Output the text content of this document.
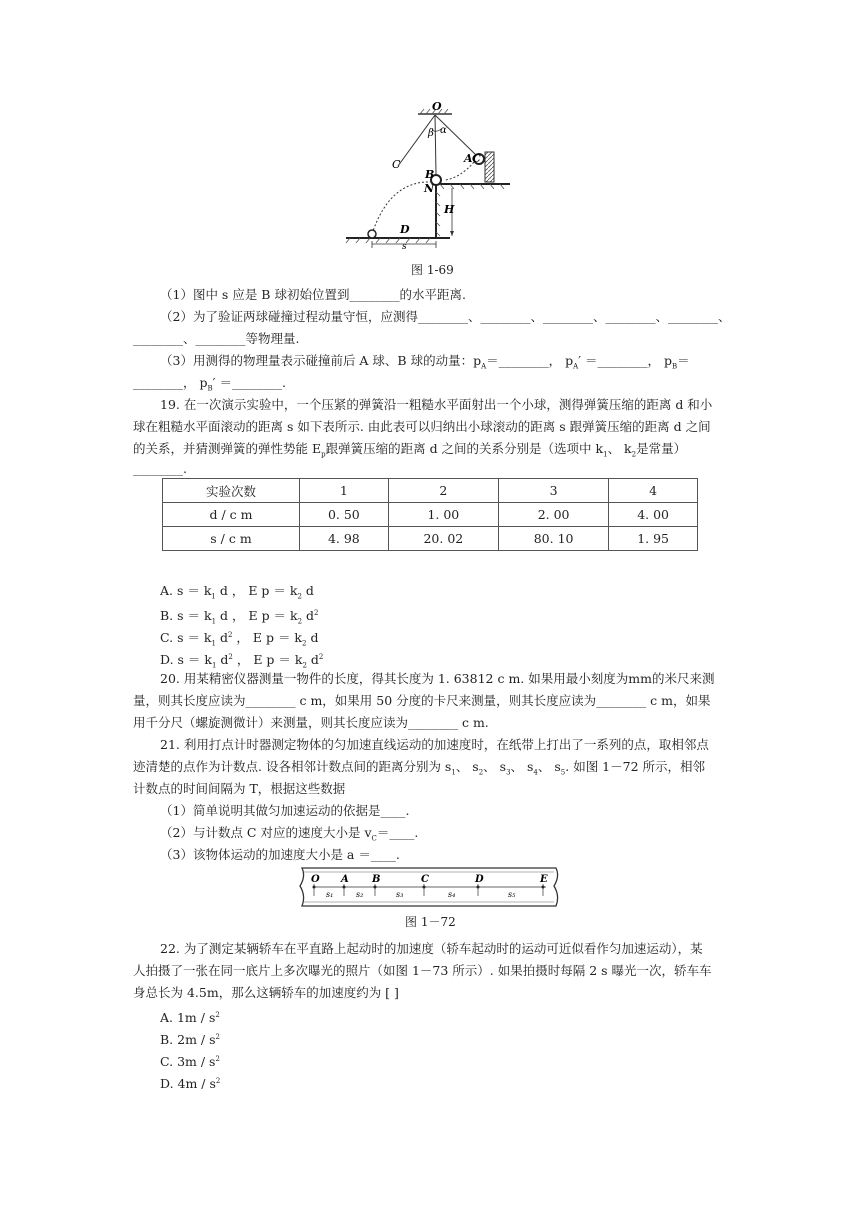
O
α
β
C	A C
B
N
H
D
s
图 1-69
（1）图中 s 应是 B 球初始位置到________的水平距离.
（2）为了验证两球碰撞过程动量守恒，应测得________、________、________、________、________、
________、________等物理量.
（3）用测得的物理量表示碰撞前后 A 球、B 球的动量：$p_A=\_\_\_\_\_\_\_\_$， $p_A'$ ＝________， $p_B=$
________， $p_B'$ ＝________.
19. 在一次演示实验中，一个压紧的弹簧沿一粗糙水平面射出一个小球，测得弹簧压缩的距离 d 和小
球在粗糙水平面滚动的距离 s 如下表所示. 由此表可以归纳出小球滚动的距离 s 跟弹簧压缩的距离 d 之间
的关系，并猜测弹簧的弹性势能 $E_p$跟弹簧压缩的距离 d 之间的关系分别是（选项中 $k_1$、 $k_2$是常量）
________.
实验次数	1	2	3	4
d / c m	0. 50	1. 00	2. 00	4. 00
s / c m	4. 98	20. 02	80. 10	1. 95
A. $s = k_1$ d ， E $p = k_2$ d
B. $s = k_1$ d ， E $p = k_2$ $d^2$
C. $s = k_1$ $d^2$ ， E $p = k_2$ d
D. $s = k_1$ $d^2$ ， E $p = k_2$ $d^2$
20. 用某精密仪器测量一物件的长度，得其长度为 1. 63812 c m. 如果用最小刻度为mm的米尺来测
量，则其长度应读为________ c m，如果用 50 分度的卡尺来测量，则其长度应读为________ c m，如果
用千分尺（螺旋测微计）来测量，则其长度应读为________ c m.
21. 利用打点计时器测定物体的匀加速直线运动的加速度时，在纸带上打出了一系列的点，取相邻点
迹清楚的点作为计数点. 设各相邻计数点间的距离分别为 $s_1$、 $s_2$、 $s_3$、 $s_4$、 $s_5$. 如图 1－72 所示，相邻
计数点的时间间隔为 T，根据这些数据
（1）简单说明其做匀加速运动的依据是____.
（2）与计数点 C 对应的速度大小是 $v_C=\_\_\_\_$.
（3）该物体运动的加速度大小是 a ＝____.
O A B	C	D	E
s₁	s₂	s₃	s₄	s₅
图 1－72
22. 为了测定某辆轿车在平直路上起动时的加速度（轿车起动时的运动可近似看作匀加速运动），某
人拍摄了一张在同一底片上多次曝光的照片（如图 1－73 所示）. 如果拍摄时每隔 2 s 曝光一次，轿车车
身总长为 4.5m，那么这辆轿车的加速度约为 [ ]
A. $1m / s^2$
B. $2m / s^2$
C. $3m / s^2$
D. $4m / s^2$
